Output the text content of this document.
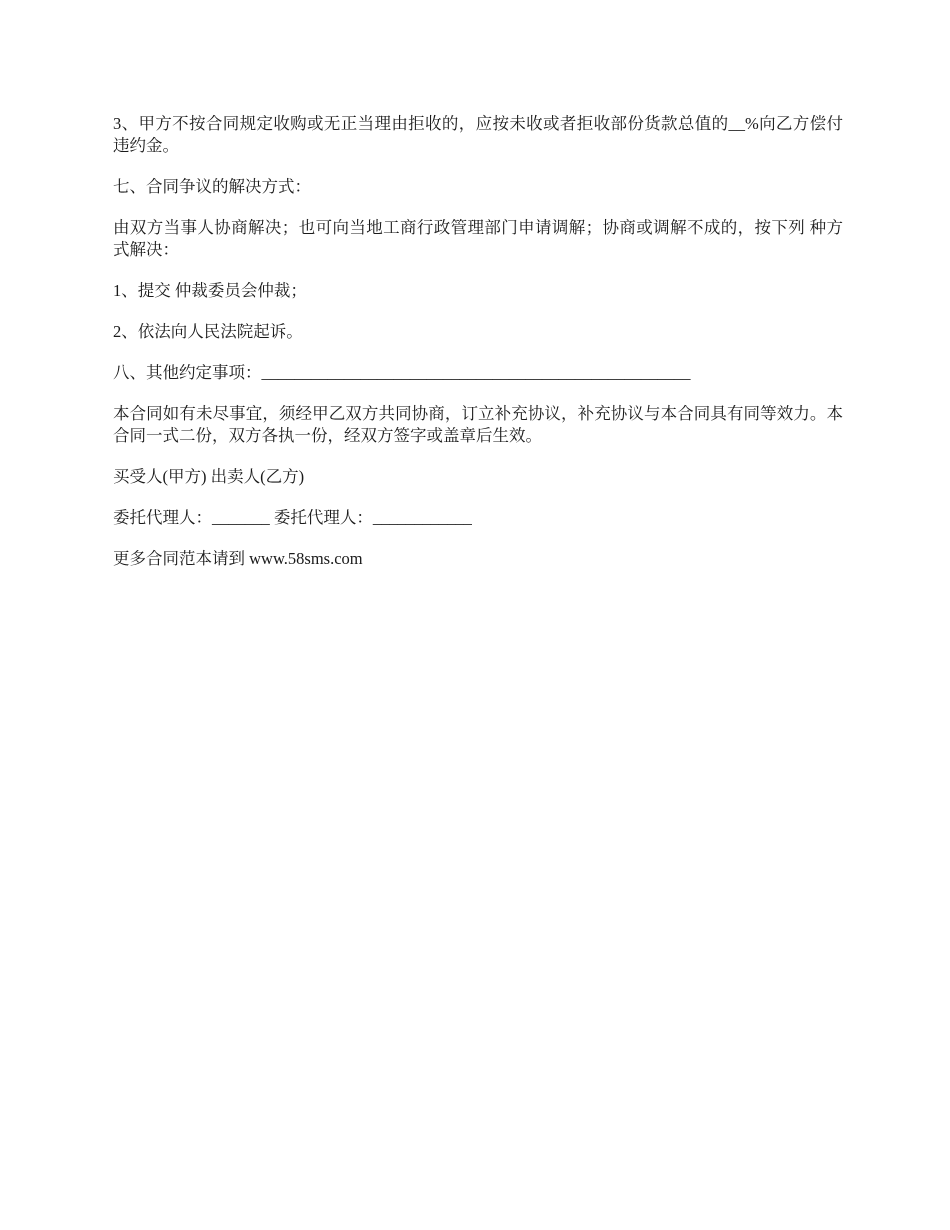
3、甲方不按合同规定收购或无正当理由拒收的，应按未收或者拒收部份货款总值的__%向乙方偿付违约金。

七、合同争议的解决方式：

由双方当事人协商解决；也可向当地工商行政管理部门申请调解；协商或调解不成的，按下列 种方式解决：

1、提交 仲裁委员会仲裁；

2、依法向人民法院起诉。

八、其他约定事项：____________________________________________________

本合同如有未尽事宜，须经甲乙双方共同协商，订立补充协议，补充协议与本合同具有同等效力。本合同一式二份，双方各执一份，经双方签字或盖章后生效。

买受人(甲方) 出卖人(乙方)

委托代理人：_______ 委托代理人：____________

更多合同范本请到 www.58sms.com
